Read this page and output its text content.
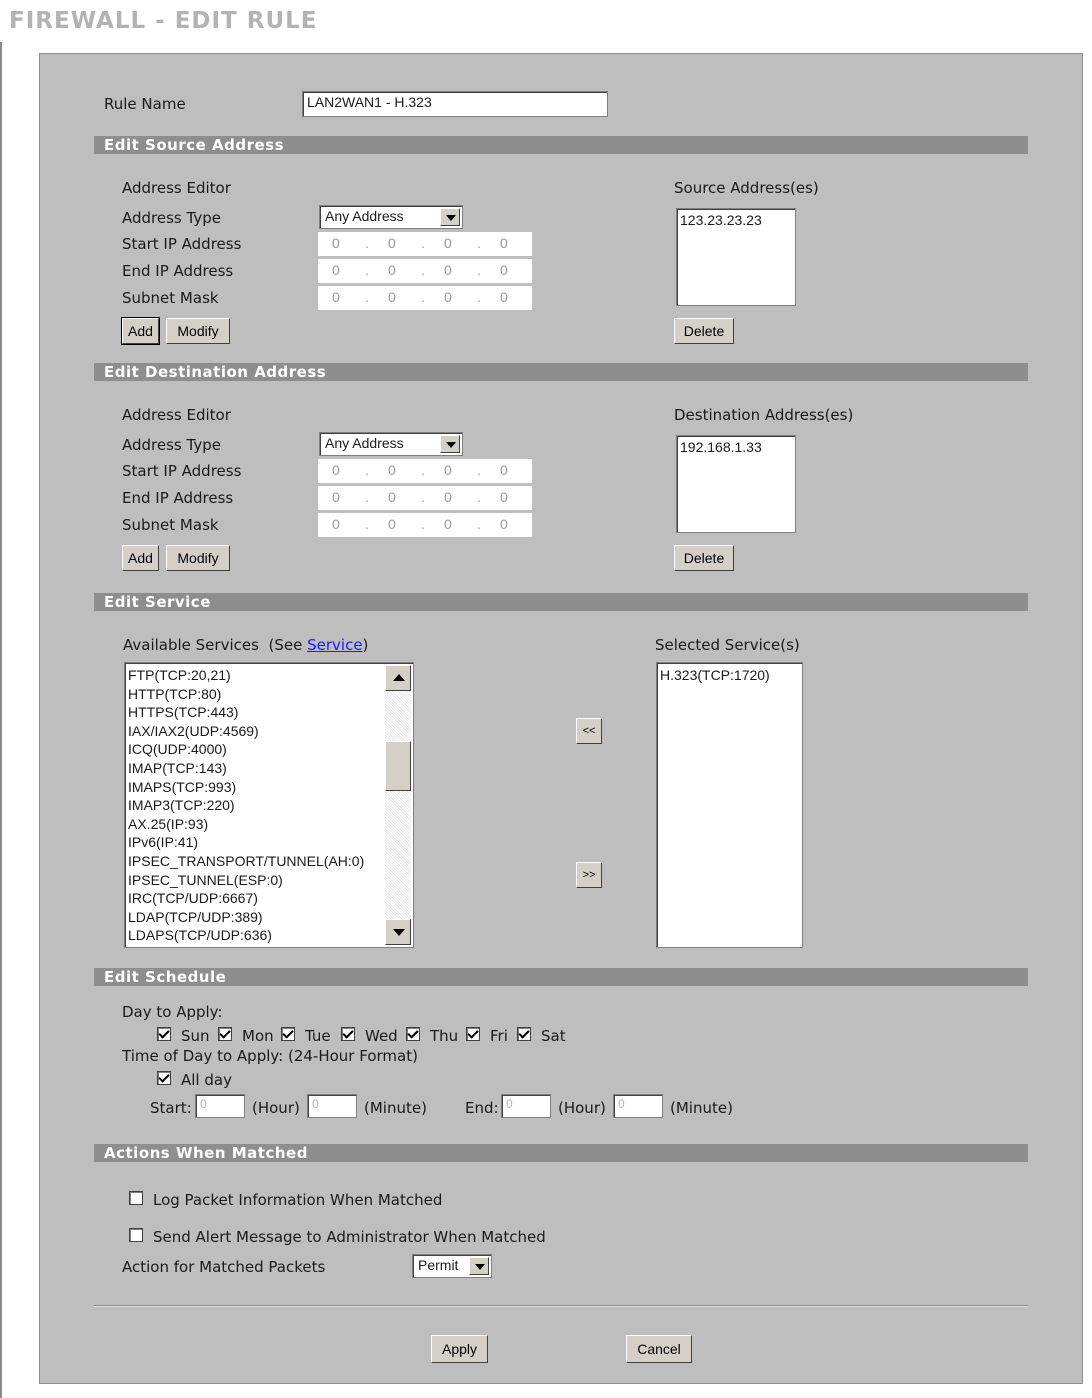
FIREWALL - EDIT RULE
Rule Name	LAN2WAN1 - H.323
Edit Source Address
Address Editor
Address Type	Any Address
Start IP Address	0 . 0 . 0 . 0
End IP Address	0 . 0 . 0 . 0
Subnet Mask	0 . 0 . 0 . 0
Add	Modify
Source Address(es)
123.23.23.23
Delete
Edit Destination Address
Address Editor
Address Type	Any Address
Start IP Address	0 . 0 . 0 . 0
End IP Address	0 . 0 . 0 . 0
Subnet Mask	0 . 0 . 0 . 0
Add	Modify
Destination Address(es)
192.168.1.33
Delete
Edit Service
Available Services (See Service)
FTP(TCP:20,21)
HTTP(TCP:80)
HTTPS(TCP:443)
IAX/IAX2(UDP:4569)
ICQ(UDP:4000)
IMAP(TCP:143)
IMAPS(TCP:993)
IMAP3(TCP:220)
AX.25(IP:93)
IPv6(IP:41)
IPSEC_TRANSPORT/TUNNEL(AH:0)
IPSEC_TUNNEL(ESP:0)
IRC(TCP/UDP:6667)
LDAP(TCP/UDP:389)
LDAPS(TCP/UDP:636)
<<
>>
Selected Service(s)
H.323(TCP:1720)
Edit Schedule
Day to Apply:
Sun Mon Tue Wed Thu Fri Sat
Time of Day to Apply: (24-Hour Format)
All day
Start: 0	(Hour)	0	(Minute)	End: 0	(Hour)	0	(Minute)
Actions When Matched
Log Packet Information When Matched
Send Alert Message to Administrator When Matched
Action for Matched Packets	Permit
Apply	Cancel
